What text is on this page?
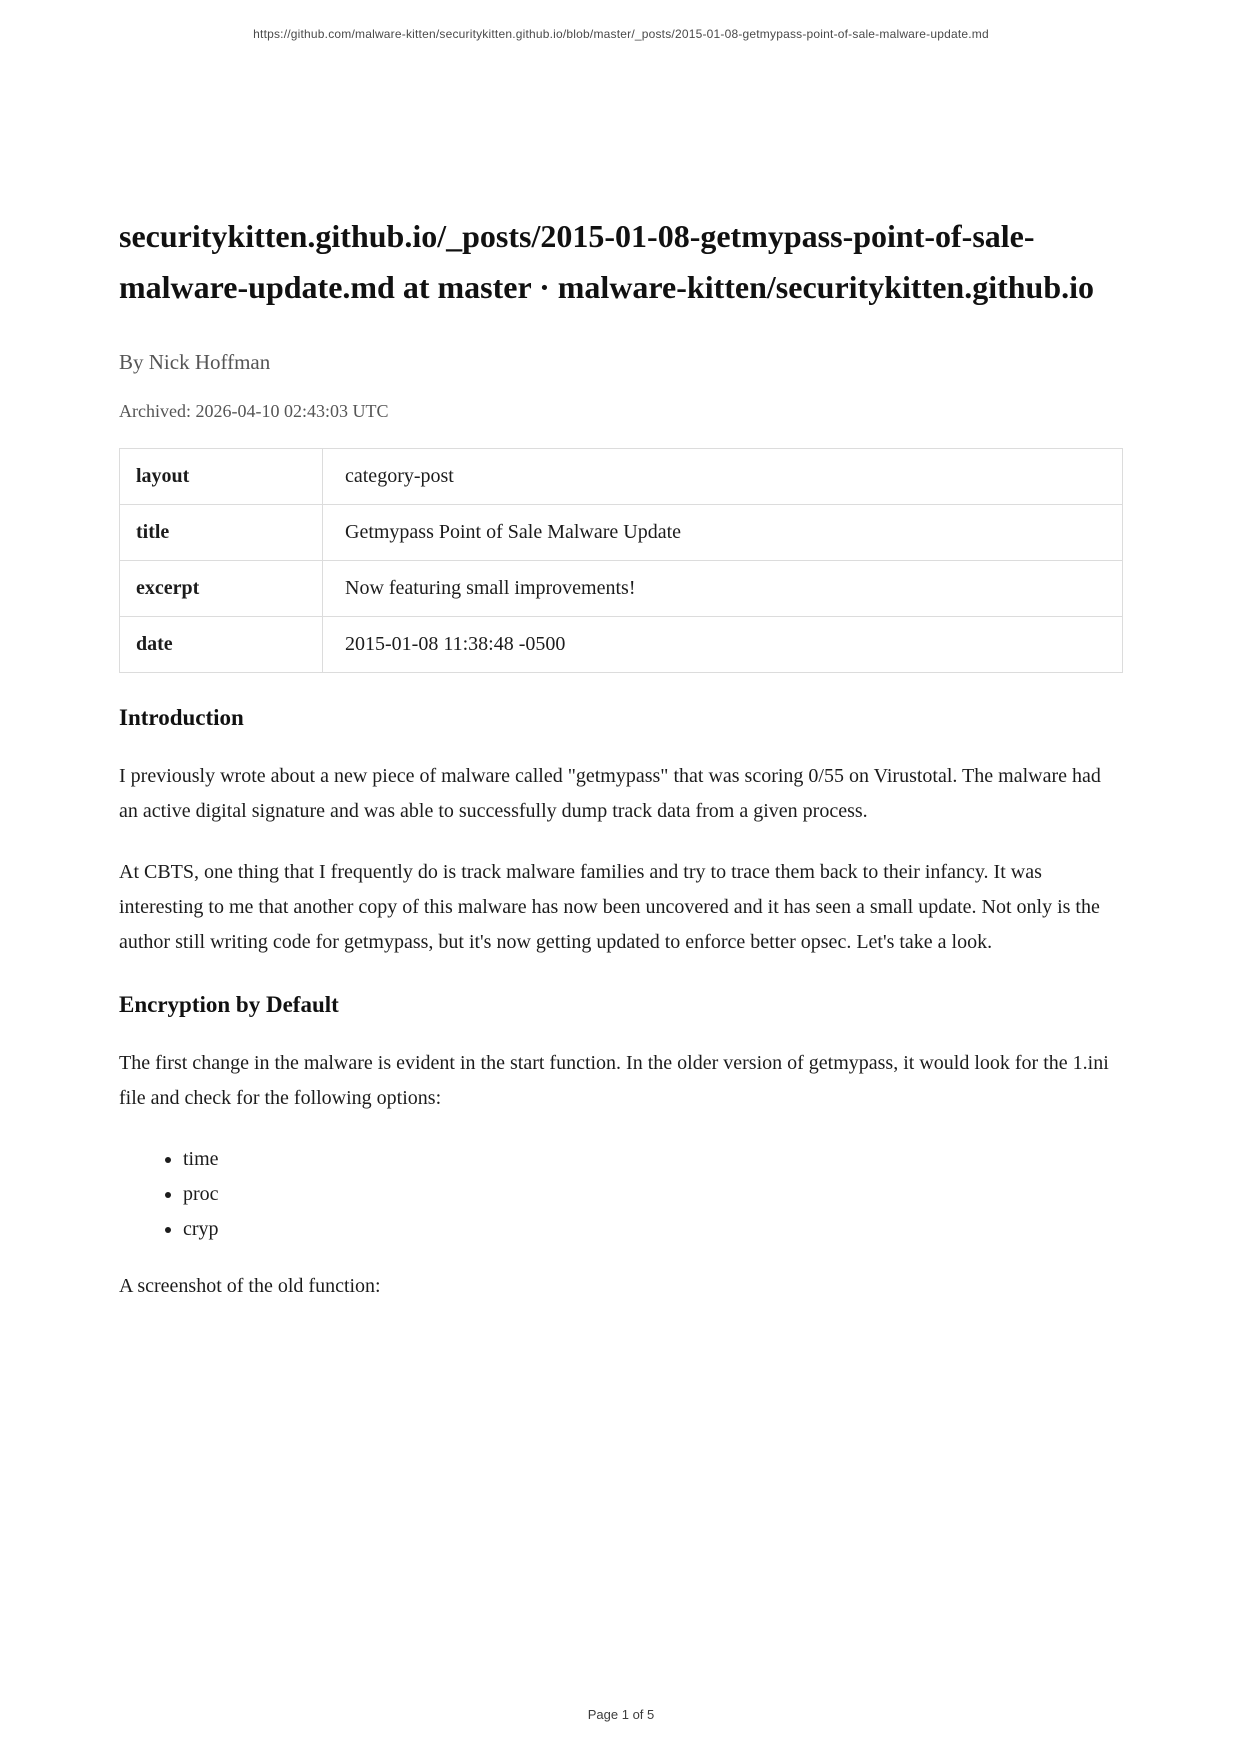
https://github.com/malware-kitten/securitykitten.github.io/blob/master/_posts/2015-01-08-getmypass-point-of-sale-malware-update.md
securitykitten.github.io/_posts/2015-01-08-getmypass-point-of-sale-malware-update.md at master · malware-kitten/securitykitten.github.io
By Nick Hoffman
Archived: 2026-04-10 02:43:03 UTC
layout	category-post
title	Getmypass Point of Sale Malware Update
excerpt	Now featuring small improvements!
date	2015-01-08 11:38:48 -0500
Introduction

I previously wrote about a new piece of malware called "getmypass" that was scoring 0/55 on Virustotal. The malware had an active digital signature and was able to successfully dump track data from a given process.

At CBTS, one thing that I frequently do is track malware families and try to trace them back to their infancy. It was interesting to me that another copy of this malware has now been uncovered and it has seen a small update. Not only is the author still writing code for getmypass, but it's now getting updated to enforce better opsec. Let's take a look.

Encryption by Default

The first change in the malware is evident in the start function. In the older version of getmypass, it would look for the 1.ini file and check for the following options:

• time
• proc
• cryp

A screenshot of the old function:

Page 1 of 5
